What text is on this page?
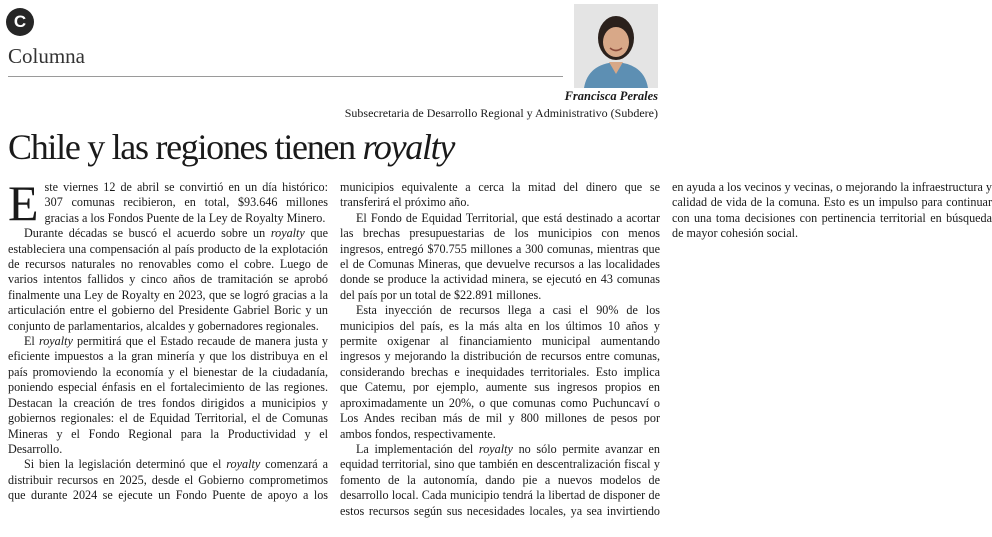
C
Columna
Francisca Perales
Subsecretaria de Desarrollo Regional y Administrativo (Subdere)
Chile y las regiones tienen royalty

Este viernes 12 de abril se convirtió en un día histórico: 307 comunas recibieron, en total, $93.646 millones gracias a los Fondos Puente de la Ley de Royalty Minero.

Durante décadas se buscó el acuerdo sobre un royalty que estableciera una compensación al país producto de la explotación de recursos naturales no renovables como el cobre. Luego de varios intentos fallidos y cinco años de tramitación se aprobó finalmente una Ley de Royalty en 2023, que se logró gracias a la articulación entre el gobierno del Presidente Gabriel Boric y un conjunto de parlamentarios, alcaldes y gobernadores regionales.

El royalty permitirá que el Estado recaude de manera justa y eficiente impuestos a la gran minería y que los distribuya en el país promoviendo la economía y el bienestar de la ciudadanía, poniendo especial énfasis en el fortalecimiento de las regiones. Destacan la creación de tres fondos dirigidos a municipios y gobiernos regionales: el de Equidad Territorial, el de Comunas Mineras y el Fondo Regional para la Productividad y el Desarrollo.

Si bien la legislación determinó que el royalty comenzará a distribuir recursos en 2025, desde el Gobierno comprometimos que durante 2024 se ejecute un Fondo Puente de apoyo a los municipios equivalente a cerca la mitad del dinero que se transferirá el próximo año.

El Fondo de Equidad Territorial, que está destinado a acortar las brechas presupuestarias de los municipios con menos ingresos, entregó $70.755 millones a 300 comunas, mientras que el de Comunas Mineras, que devuelve recursos a las localidades donde se produce la actividad minera, se ejecutó en 43 comunas del país por un total de $22.891 millones.

Esta inyección de recursos llega a casi el 90% de los municipios del país, es la más alta en los últimos 10 años y permite oxigenar al financiamiento municipal aumentando ingresos y mejorando la distribución de recursos entre comunas, considerando brechas e inequidades territoriales. Esto implica que Catemu, por ejemplo, aumente sus ingresos propios en aproximadamente un 20%, o que comunas como Puchuncaví o Los Andes reciban más de mil y 800 millones de pesos por ambos fondos, respectivamente.

La implementación del royalty no sólo permite avanzar en equidad territorial, sino que también en descentralización fiscal y fomento de la autonomía, dando pie a nuevos modelos de desarrollo local. Cada municipio tendrá la libertad de disponer de estos recursos según sus necesidades locales, ya sea invirtiendo en ayuda a los vecinos y vecinas, o mejorando la infraestructura y calidad de vida de la comuna. Esto es un impulso para continuar con una toma decisiones con pertinencia territorial en búsqueda de mayor cohesión social.
